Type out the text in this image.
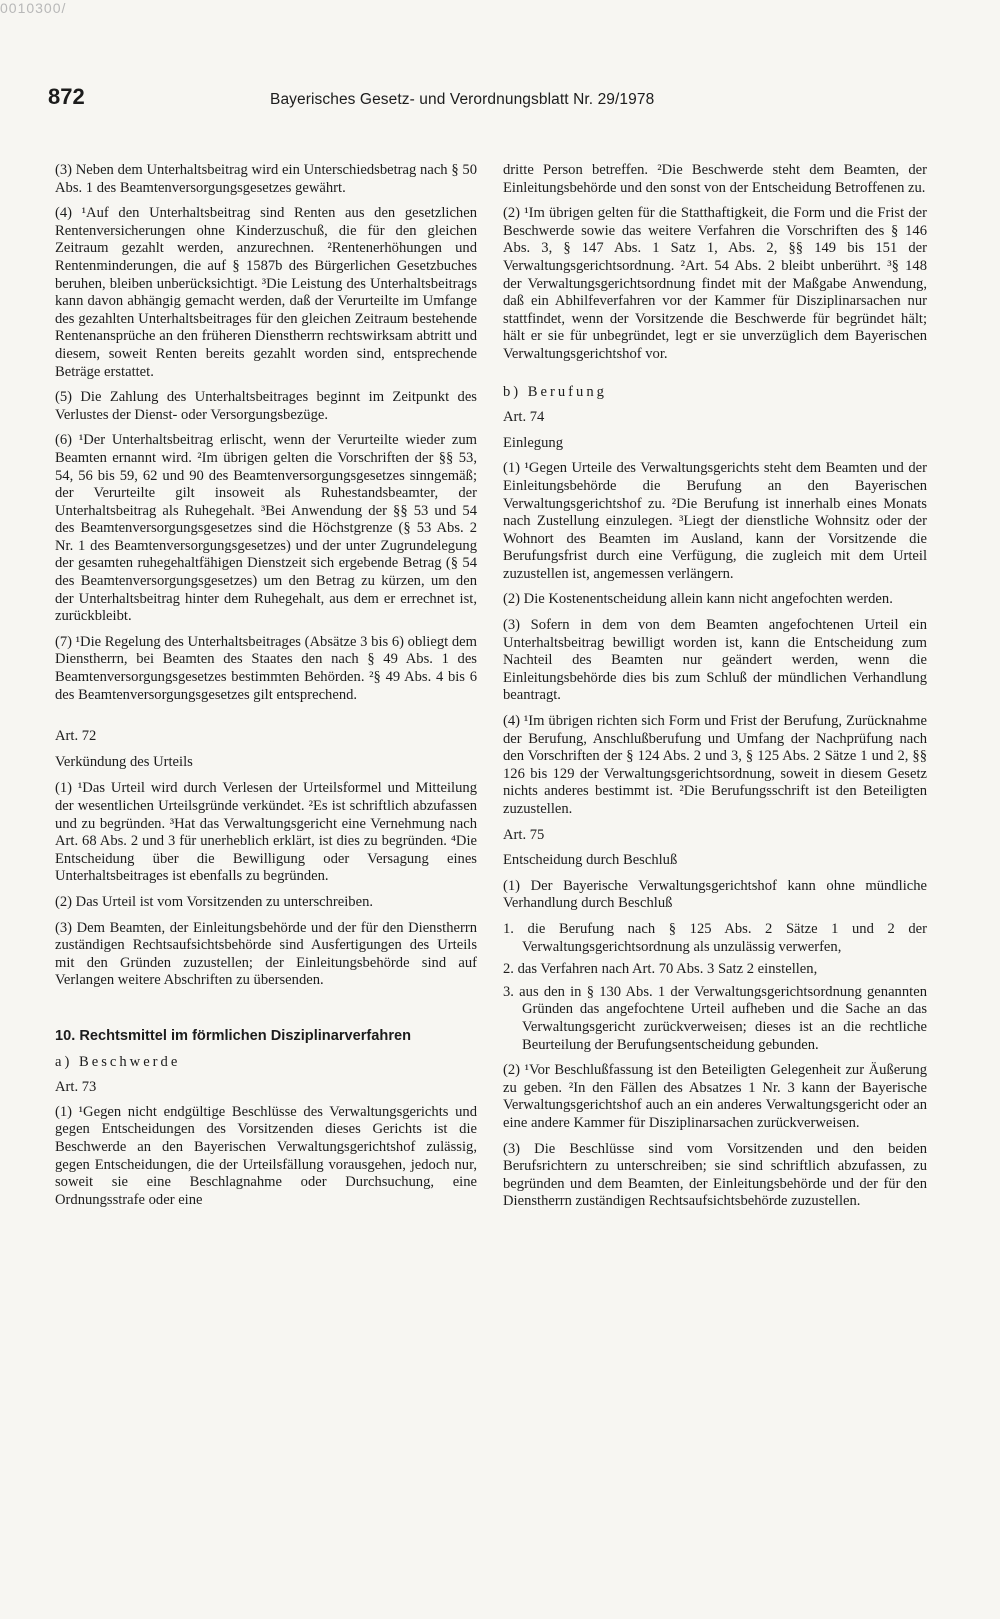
0010300/
872	Bayerisches Gesetz- und Verordnungsblatt Nr. 29/1978

(3) Neben dem Unterhaltsbeitrag wird ein Unterschiedsbetrag nach § 50 Abs. 1 des Beamtenversorgungsgesetzes gewährt.

(4) ¹Auf den Unterhaltsbeitrag sind Renten aus den gesetzlichen Rentenversicherungen ohne Kinderzuschuß, die für den gleichen Zeitraum gezahlt werden, anzurechnen. ²Rentenerhöhungen und Rentenminderungen, die auf § 1587b des Bürgerlichen Gesetzbuches beruhen, bleiben unberücksichtigt. ³Die Leistung des Unterhaltsbeitrags kann davon abhängig gemacht werden, daß der Verurteilte im Umfange des gezahlten Unterhaltsbeitrages für den gleichen Zeitraum bestehende Rentenansprüche an den früheren Dienstherrn rechtswirksam abtritt und diesem, soweit Renten bereits gezahlt worden sind, entsprechende Beträge erstattet.

(5) Die Zahlung des Unterhaltsbeitrages beginnt im Zeitpunkt des Verlustes der Dienst- oder Versorgungsbezüge.

(6) ¹Der Unterhaltsbeitrag erlischt, wenn der Verurteilte wieder zum Beamten ernannt wird. ²Im übrigen gelten die Vorschriften der §§ 53, 54, 56 bis 59, 62 und 90 des Beamtenversorgungsgesetzes sinngemäß; der Verurteilte gilt insoweit als Ruhestandsbeamter, der Unterhaltsbeitrag als Ruhegehalt. ³Bei Anwendung der §§ 53 und 54 des Beamtenversorgungsgesetzes sind die Höchstgrenze (§ 53 Abs. 2 Nr. 1 des Beamtenversorgungsgesetzes) und der unter Zugrundelegung der gesamten ruhegehaltfähigen Dienstzeit sich ergebende Betrag (§ 54 des Beamtenversorgungsgesetzes) um den Betrag zu kürzen, um den der Unterhaltsbeitrag hinter dem Ruhegehalt, aus dem er errechnet ist, zurückbleibt.

(7) ¹Die Regelung des Unterhaltsbeitrages (Absätze 3 bis 6) obliegt dem Dienstherrn, bei Beamten des Staates den nach § 49 Abs. 1 des Beamtenversorgungsgesetzes bestimmten Behörden. ²§ 49 Abs. 4 bis 6 des Beamtenversorgungsgesetzes gilt entsprechend.

Art. 72

Verkündung des Urteils

(1) ¹Das Urteil wird durch Verlesen der Urteilsformel und Mitteilung der wesentlichen Urteilsgründe verkündet. ²Es ist schriftlich abzufassen und zu begründen. ³Hat das Verwaltungsgericht eine Vernehmung nach Art. 68 Abs. 2 und 3 für unerheblich erklärt, ist dies zu begründen. ⁴Die Entscheidung über die Bewilligung oder Versagung eines Unterhaltsbeitrages ist ebenfalls zu begründen.

(2) Das Urteil ist vom Vorsitzenden zu unterschreiben.

(3) Dem Beamten, der Einleitungsbehörde und der für den Dienstherrn zuständigen Rechtsaufsichtsbehörde sind Ausfertigungen des Urteils mit den Gründen zuzustellen; der Einleitungsbehörde sind auf Verlangen weitere Abschriften zu übersenden.

10. Rechtsmittel im förmlichen Disziplinarverfahren

a) Beschwerde

Art. 73

(1) ¹Gegen nicht endgültige Beschlüsse des Verwaltungsgerichts und gegen Entscheidungen des Vorsitzenden dieses Gerichts ist die Beschwerde an den Bayerischen Verwaltungsgerichtshof zulässig, gegen Entscheidungen, die der Urteilsfällung vorausgehen, jedoch nur, soweit sie eine Beschlagnahme oder Durchsuchung, eine Ordnungsstrafe oder eine

dritte Person betreffen. ²Die Beschwerde steht dem Beamten, der Einleitungsbehörde und den sonst von der Entscheidung Betroffenen zu.

(2) ¹Im übrigen gelten für die Statthaftigkeit, die Form und die Frist der Beschwerde sowie das weitere Verfahren die Vorschriften des § 146 Abs. 3, § 147 Abs. 1 Satz 1, Abs. 2, §§ 149 bis 151 der Verwaltungsgerichtsordnung. ²Art. 54 Abs. 2 bleibt unberührt. ³§ 148 der Verwaltungsgerichtsordnung findet mit der Maßgabe Anwendung, daß ein Abhilfeverfahren vor der Kammer für Disziplinarsachen nur stattfindet, wenn der Vorsitzende die Beschwerde für begründet hält; hält er sie für unbegründet, legt er sie unverzüglich dem Bayerischen Verwaltungsgerichtshof vor.

b) Berufung

Art. 74

Einlegung

(1) ¹Gegen Urteile des Verwaltungsgerichts steht dem Beamten und der Einleitungsbehörde die Berufung an den Bayerischen Verwaltungsgerichtshof zu. ²Die Berufung ist innerhalb eines Monats nach Zustellung einzulegen. ³Liegt der dienstliche Wohnsitz oder der Wohnort des Beamten im Ausland, kann der Vorsitzende die Berufungsfrist durch eine Verfügung, die zugleich mit dem Urteil zuzustellen ist, angemessen verlängern.

(2) Die Kostenentscheidung allein kann nicht angefochten werden.

(3) Sofern in dem von dem Beamten angefochtenen Urteil ein Unterhaltsbeitrag bewilligt worden ist, kann die Entscheidung zum Nachteil des Beamten nur geändert werden, wenn die Einleitungsbehörde dies bis zum Schluß der mündlichen Verhandlung beantragt.

(4) ¹Im übrigen richten sich Form und Frist der Berufung, Zurücknahme der Berufung, Anschlußberufung und Umfang der Nachprüfung nach den Vorschriften der § 124 Abs. 2 und 3, § 125 Abs. 2 Sätze 1 und 2, §§ 126 bis 129 der Verwaltungsgerichtsordnung, soweit in diesem Gesetz nichts anderes bestimmt ist. ²Die Berufungsschrift ist den Beteiligten zuzustellen.

Art. 75

Entscheidung durch Beschluß

(1) Der Bayerische Verwaltungsgerichtshof kann ohne mündliche Verhandlung durch Beschluß

1. die Berufung nach § 125 Abs. 2 Sätze 1 und 2 der Verwaltungsgerichtsordnung als unzulässig verwerfen,

2. das Verfahren nach Art. 70 Abs. 3 Satz 2 einstellen,

3. aus den in § 130 Abs. 1 der Verwaltungsgerichtsordnung genannten Gründen das angefochtene Urteil aufheben und die Sache an das Verwaltungsgericht zurückverweisen; dieses ist an die rechtliche Beurteilung der Berufungsentscheidung gebunden.

(2) ¹Vor Beschlußfassung ist den Beteiligten Gelegenheit zur Äußerung zu geben. ²In den Fällen des Absatzes 1 Nr. 3 kann der Bayerische Verwaltungsgerichtshof auch an ein anderes Verwaltungsgericht oder an eine andere Kammer für Disziplinarsachen zurückverweisen.

(3) Die Beschlüsse sind vom Vorsitzenden und den beiden Berufsrichtern zu unterschreiben; sie sind schriftlich abzufassen, zu begründen und dem Beamten, der Einleitungsbehörde und der für den Dienstherrn zuständigen Rechtsaufsichtsbehörde zuzustellen.
